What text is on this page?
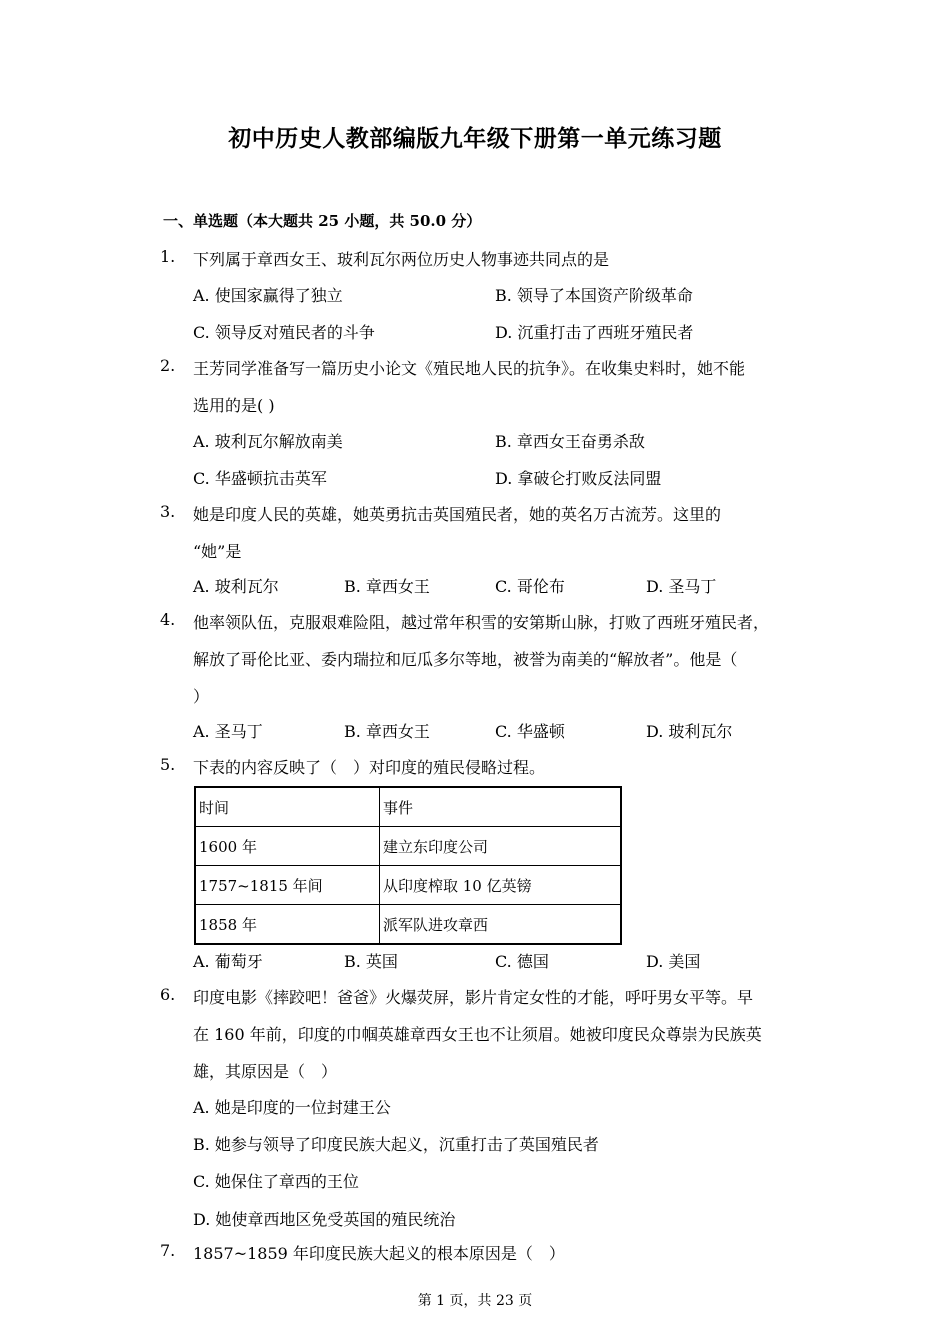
初中历史人教部编版九年级下册第一单元练习题
一、单选题（本大题共 25 小题，共 50.0 分）
1. 下列属于章西女王、玻利瓦尔两位历史人物事迹共同点的是
A. 使国家赢得了独立	B. 领导了本国资产阶级革命
C. 领导反对殖民者的斗争	D. 沉重打击了西班牙殖民者
2. 王芳同学准备写一篇历史小论文《殖民地人民的抗争》。在收集史料时，她不能
选用的是( )
A. 玻利瓦尔解放南美	B. 章西女王奋勇杀敌
C. 华盛顿抗击英军	D. 拿破仑打败反法同盟
3. 她是印度人民的英雄，她英勇抗击英国殖民者，她的英名万古流芳。这里的
“她”是
A. 玻利瓦尔	B. 章西女王	C. 哥伦布	D. 圣马丁
4. 他率领队伍，克服艰难险阻，越过常年积雪的安第斯山脉，打败了西班牙殖民者，
解放了哥伦比亚、委内瑞拉和厄瓜多尔等地，被誉为南美的“解放者”。他是（
）
A. 圣马丁	B. 章西女王	C. 华盛顿	D. 玻利瓦尔
5. 下表的内容反映了（　）对印度的殖民侵略过程。
时间	事件
1600 年	建立东印度公司
1757~1815 年间	从印度榨取 10 亿英镑
1858 年	派军队进攻章西
A. 葡萄牙	B. 英国	C. 德国	D. 美国
6. 印度电影《摔跤吧！爸爸》火爆荧屏，影片肯定女性的才能，呼吁男女平等。早
在 160 年前，印度的巾帼英雄章西女王也不让须眉。她被印度民众尊崇为民族英
雄，其原因是（　）
A. 她是印度的一位封建王公
B. 她参与领导了印度民族大起义，沉重打击了英国殖民者
C. 她保住了章西的王位
D. 她使章西地区免受英国的殖民统治
7. 1857~1859 年印度民族大起义的根本原因是（　）
第 1 页，共 23 页
